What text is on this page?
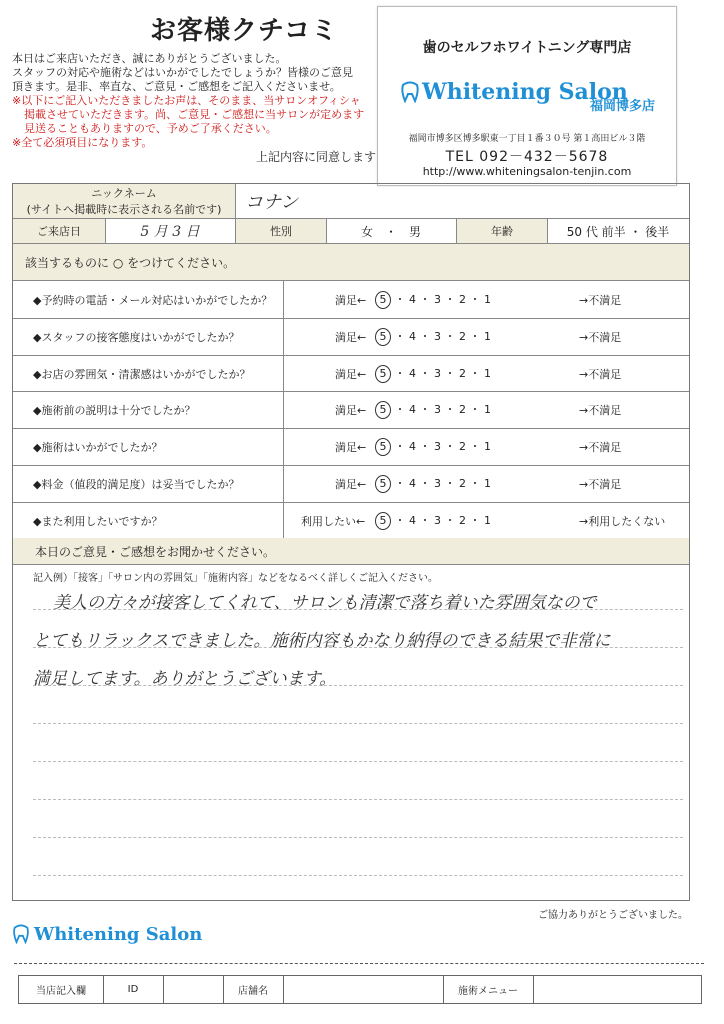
お客様クチコミ
本日はご来店いただき、誠にありがとうございました。
スタッフの対応や施術などはいかがでしたでしょうか？皆様のご意見
頂きます。是非、率直な、ご意見・ご感想をご記入くださいませ。
※以下にご記入いただきましたお声は、そのまま、当サロンオフィシャ
掲載させていただきます。尚、ご意見・ご感想に当サロンが定めます
見送ることもありますので、予めご了承ください。
※全て必須項目になります。
上記内容に同意します
歯のセルフホワイトニング専門店
Whitening Salon
福岡博多店
福岡市博多区博多駅東一丁目１番３０号 第１高田ビル３階
TEL 092－432－5678
http://www.whiteningsalon-tenjin.com
ニックネーム
(サイトへ掲載時に表示される名前です) コナン
ご来店日	5 月 3 日	性別	女　・　男	年齢	50 代 前半 ・ 後半
該当するものに ○ をつけてください。
◆予約時の電話・メール対応はいかがでしたか？	満足←	5 ・ 4 ・ 3 ・ 2 ・ 1	→不満足
◆スタッフの接客態度はいかがでしたか？	満足←	5 ・ 4 ・ 3 ・ 2 ・ 1	→不満足
◆お店の雰囲気・清潔感はいかがでしたか？	満足←	5 ・ 4 ・ 3 ・ 2 ・ 1	→不満足
◆施術前の説明は十分でしたか？	満足←	5 ・ 4 ・ 3 ・ 2 ・ 1	→不満足
◆施術はいかがでしたか？	満足←	5 ・ 4 ・ 3 ・ 2 ・ 1	→不満足
◆料金（値段的満足度）は妥当でしたか？	満足←	5 ・ 4 ・ 3 ・ 2 ・ 1	→不満足
◆また利用したいですか？	利用したい←	5 ・ 4 ・ 3 ・ 2 ・ 1	→利用したくない
本日のご意見・ご感想をお聞かせください。
記入例）「接客」「サロン内の雰囲気」「施術内容」などをなるべく詳しくご記入ください。
美人の方々が接客してくれて、サロンも清潔で落ち着いた雰囲気なので
とてもリラックスできました。施術内容もかなり納得のできる結果で非常に
満足してます。ありがとうございます。
ご協力ありがとうございました。
Whitening Salon
当店記入欄	ID	店舗名	施術メニュー
